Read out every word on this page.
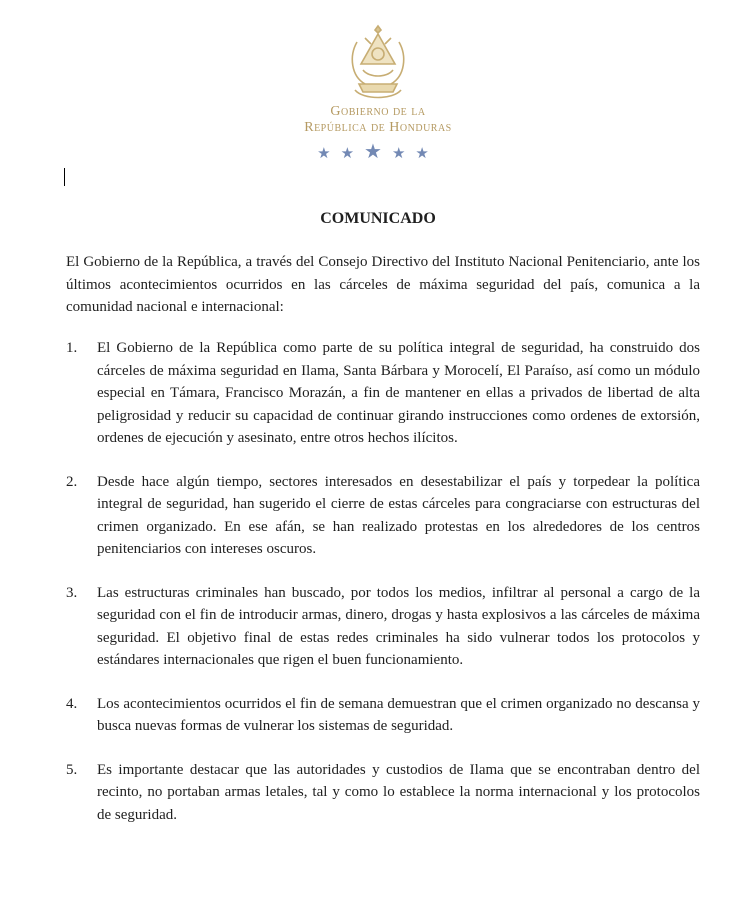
Gobierno de la
República de Honduras
★★★★★
COMUNICADO

El Gobierno de la República, a través del Consejo Directivo del Instituto Nacional Penitenciario, ante los últimos acontecimientos ocurridos en las cárceles de máxima seguridad del país, comunica a la comunidad nacional e internacional:

1.	El Gobierno de la República como parte de su política integral de seguridad, ha construido dos cárceles de máxima seguridad en Ilama, Santa Bárbara y Morocelí, El Paraíso, así como un módulo especial en Támara, Francisco Morazán, a fin de mantener en ellas a privados de libertad de alta peligrosidad y reducir su capacidad de continuar girando instrucciones como ordenes de extorsión, ordenes de ejecución y asesinato, entre otros hechos ilícitos.
2.	Desde hace algún tiempo, sectores interesados en desestabilizar el país y torpedear la política integral de seguridad, han sugerido el cierre de estas cárceles para congraciarse con estructuras del crimen organizado. En ese afán, se han realizado protestas en los alrededores de los centros penitenciarios con intereses oscuros.
3.	Las estructuras criminales han buscado, por todos los medios, infiltrar al personal a cargo de la seguridad con el fin de introducir armas, dinero, drogas y hasta explosivos a las cárceles de máxima seguridad. El objetivo final de estas redes criminales ha sido vulnerar todos los protocolos y estándares internacionales que rigen el buen funcionamiento.
4.	Los acontecimientos ocurridos el fin de semana demuestran que el crimen organizado no descansa y busca nuevas formas de vulnerar los sistemas de seguridad.
5.	Es importante destacar que las autoridades y custodios de Ilama que se encontraban dentro del recinto, no portaban armas letales, tal y como lo establece la norma internacional y los protocolos de seguridad.
